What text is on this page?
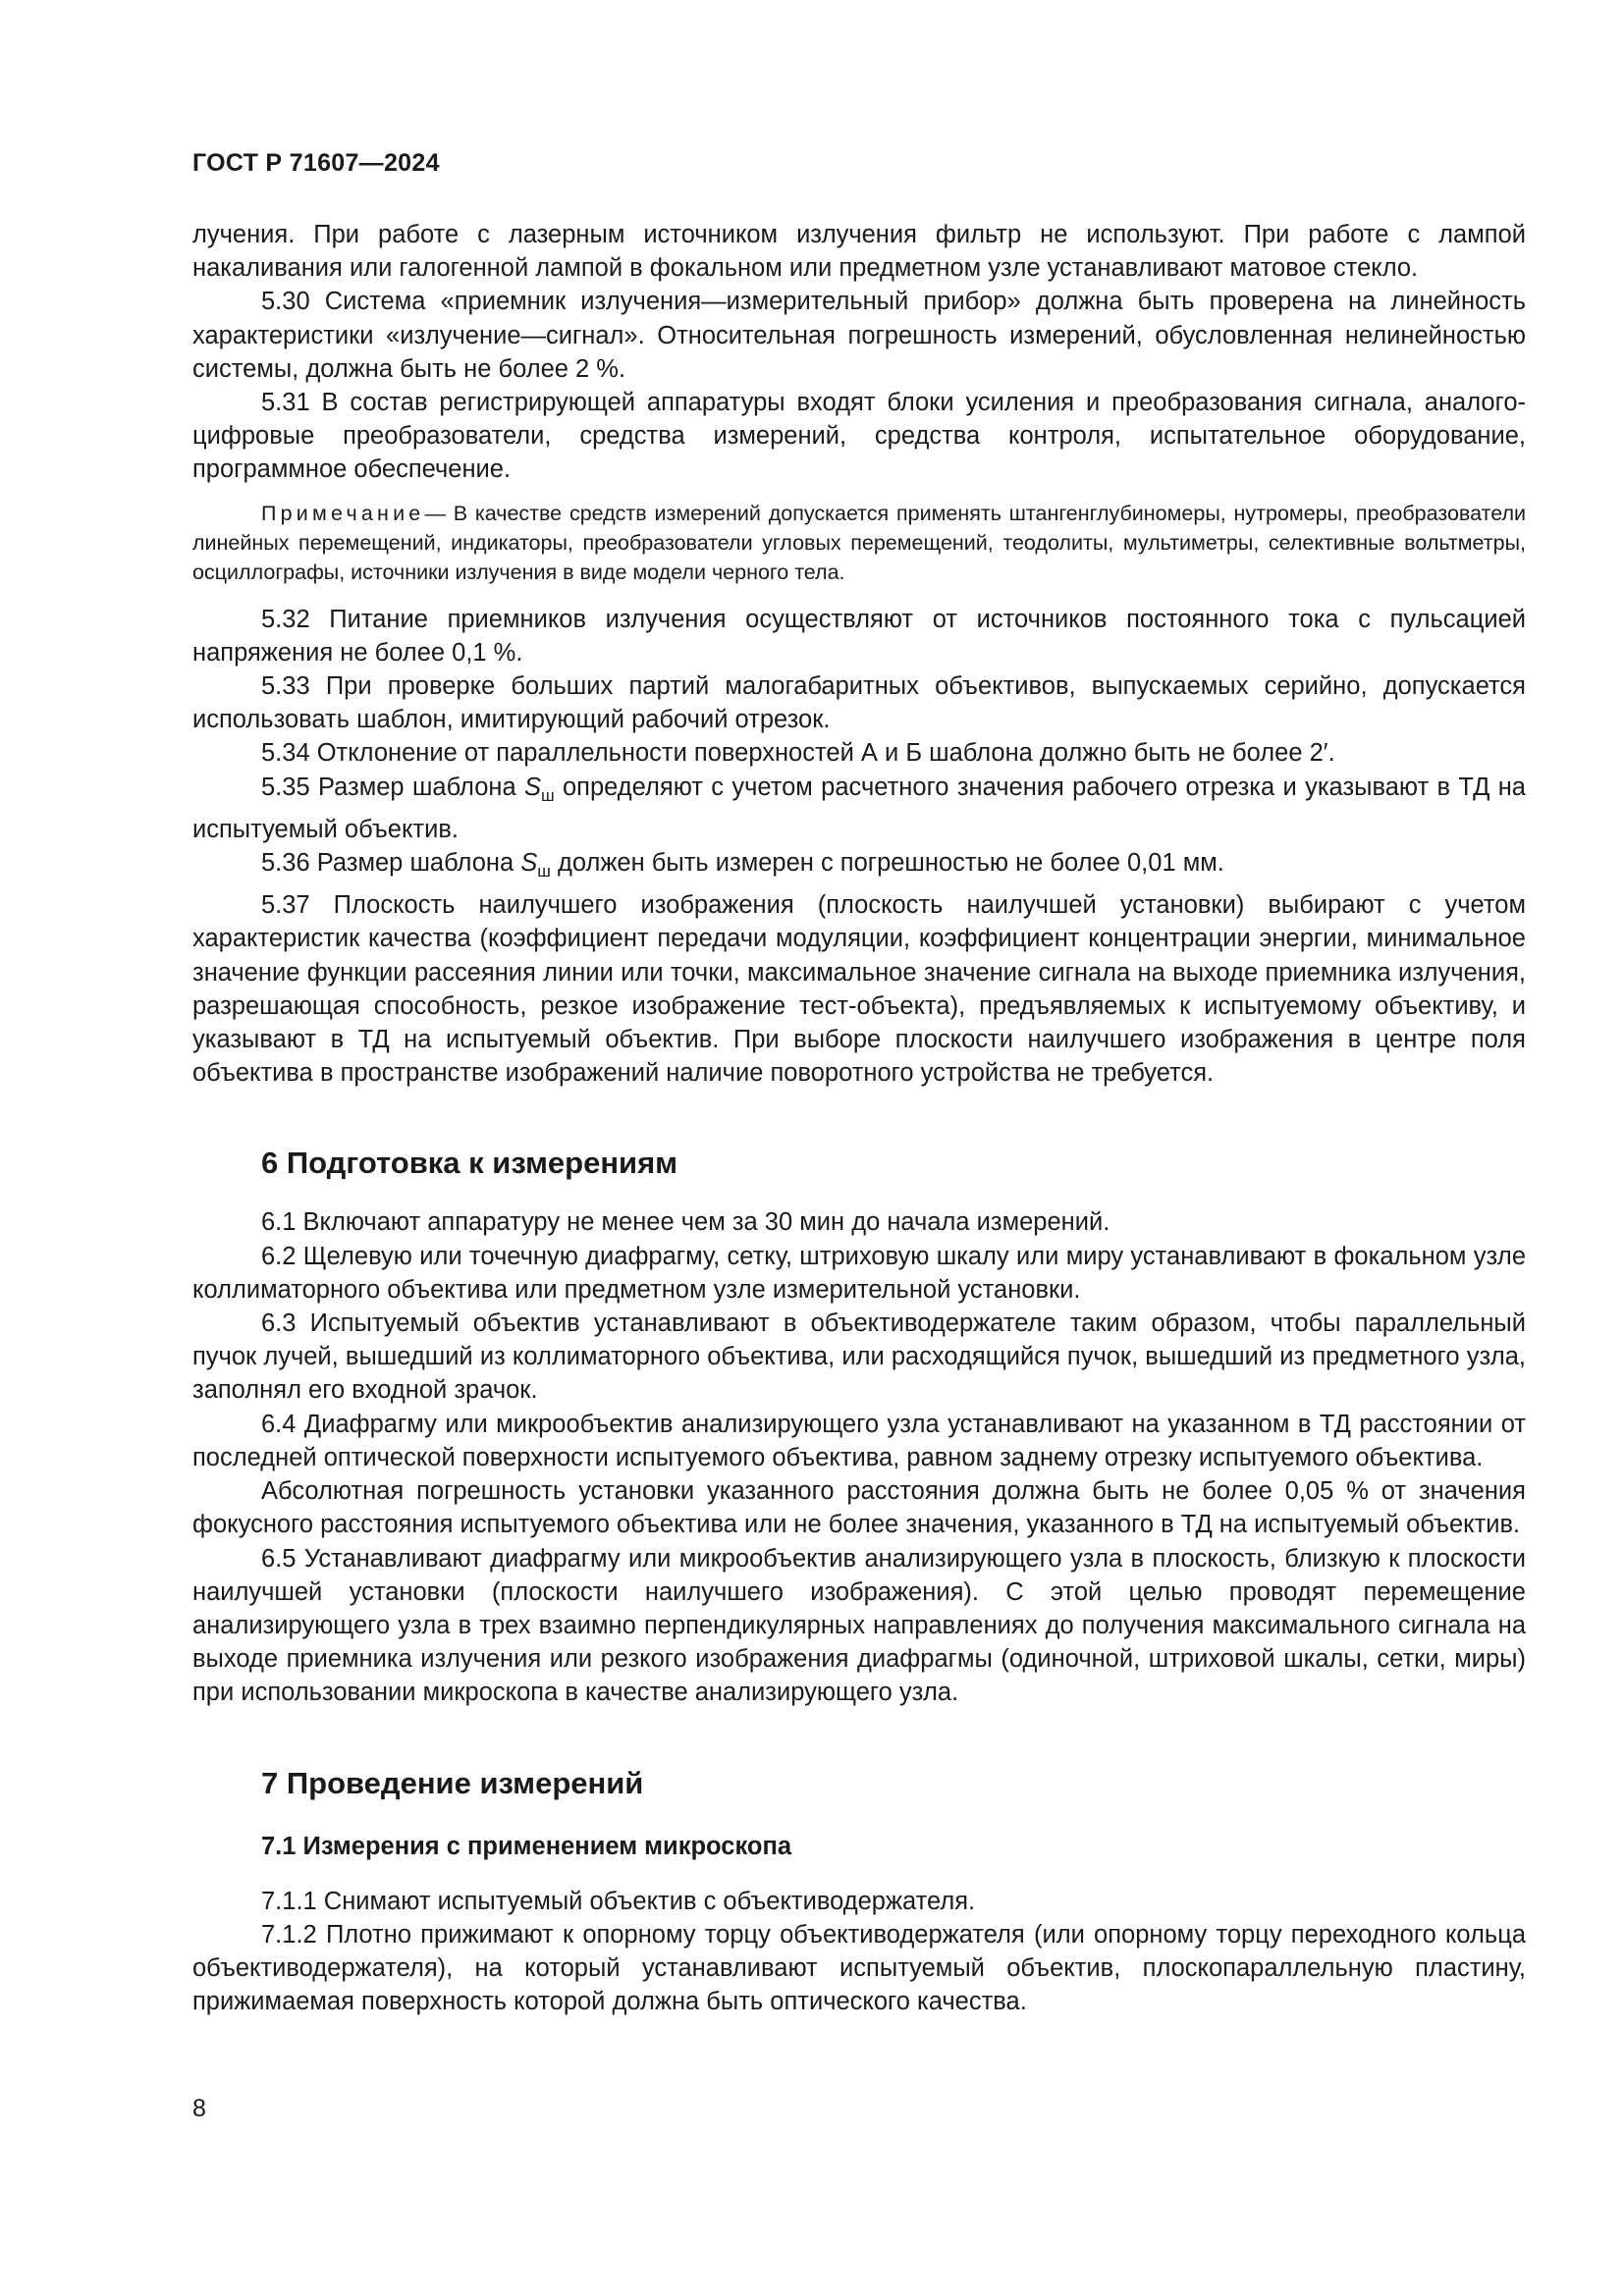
ГОСТ Р 71607—2024

лучения. При работе с лазерным источником излучения фильтр не используют. При работе с лампой накаливания или галогенной лампой в фокальном или предметном узле устанавливают матовое стекло.

5.30 Система «приемник излучения—измерительный прибор» должна быть проверена на линейность характеристики «излучение—сигнал». Относительная погрешность измерений, обусловленная нелинейностью системы, должна быть не более 2 %.

5.31 В состав регистрирующей аппаратуры входят блоки усиления и преобразования сигнала, аналого-цифровые преобразователи, средства измерений, средства контроля, испытательное оборудование, программное обеспечение.

Примечание— В качестве средств измерений допускается применять штангенглубиномеры, нутромеры, преобразователи линейных перемещений, индикаторы, преобразователи угловых перемещений, теодолиты, мультиметры, селективные вольтметры, осциллографы, источники излучения в виде модели черного тела.

5.32 Питание приемников излучения осуществляют от источников постоянного тока с пульсацией напряжения не более 0,1 %.

5.33 При проверке больших партий малогабаритных объективов, выпускаемых серийно, допускается использовать шаблон, имитирующий рабочий отрезок.

5.34 Отклонение от параллельности поверхностей А и Б шаблона должно быть не более 2′.

5.35 Размер шаблона $S_ш$ определяют с учетом расчетного значения рабочего отрезка и указывают в ТД на испытуемый объектив.

5.36 Размер шаблона $S_ш$ должен быть измерен с погрешностью не более 0,01 мм.

5.37 Плоскость наилучшего изображения (плоскость наилучшей установки) выбирают с учетом характеристик качества (коэффициент передачи модуляции, коэффициент концентрации энергии, минимальное значение функции рассеяния линии или точки, максимальное значение сигнала на выходе приемника излучения, разрешающая способность, резкое изображение тест-объекта), предъявляемых к испытуемому объективу, и указывают в ТД на испытуемый объектив. При выборе плоскости наилучшего изображения в центре поля объектива в пространстве изображений наличие поворотного устройства не требуется.

6 Подготовка к измерениям

6.1 Включают аппаратуру не менее чем за 30 мин до начала измерений.

6.2 Щелевую или точечную диафрагму, сетку, штриховую шкалу или миру устанавливают в фокальном узле коллиматорного объектива или предметном узле измерительной установки.

6.3 Испытуемый объектив устанавливают в объективодержателе таким образом, чтобы параллельный пучок лучей, вышедший из коллиматорного объектива, или расходящийся пучок, вышедший из предметного узла, заполнял его входной зрачок.

6.4 Диафрагму или микрообъектив анализирующего узла устанавливают на указанном в ТД расстоянии от последней оптической поверхности испытуемого объектива, равном заднему отрезку испытуемого объектива.

Абсолютная погрешность установки указанного расстояния должна быть не более 0,05 % от значения фокусного расстояния испытуемого объектива или не более значения, указанного в ТД на испытуемый объектив.

6.5 Устанавливают диафрагму или микрообъектив анализирующего узла в плоскость, близкую к плоскости наилучшей установки (плоскости наилучшего изображения). С этой целью проводят перемещение анализирующего узла в трех взаимно перпендикулярных направлениях до получения максимального сигнала на выходе приемника излучения или резкого изображения диафрагмы (одиночной, штриховой шкалы, сетки, миры) при использовании микроскопа в качестве анализирующего узла.

7 Проведение измерений
7.1 Измерения с применением микроскопа

7.1.1 Снимают испытуемый объектив с объективодержателя.

7.1.2 Плотно прижимают к опорному торцу объективодержателя (или опорному торцу переходного кольца объективодержателя), на который устанавливают испытуемый объектив, плоскопараллельную пластину, прижимаемая поверхность которой должна быть оптического качества.

8
